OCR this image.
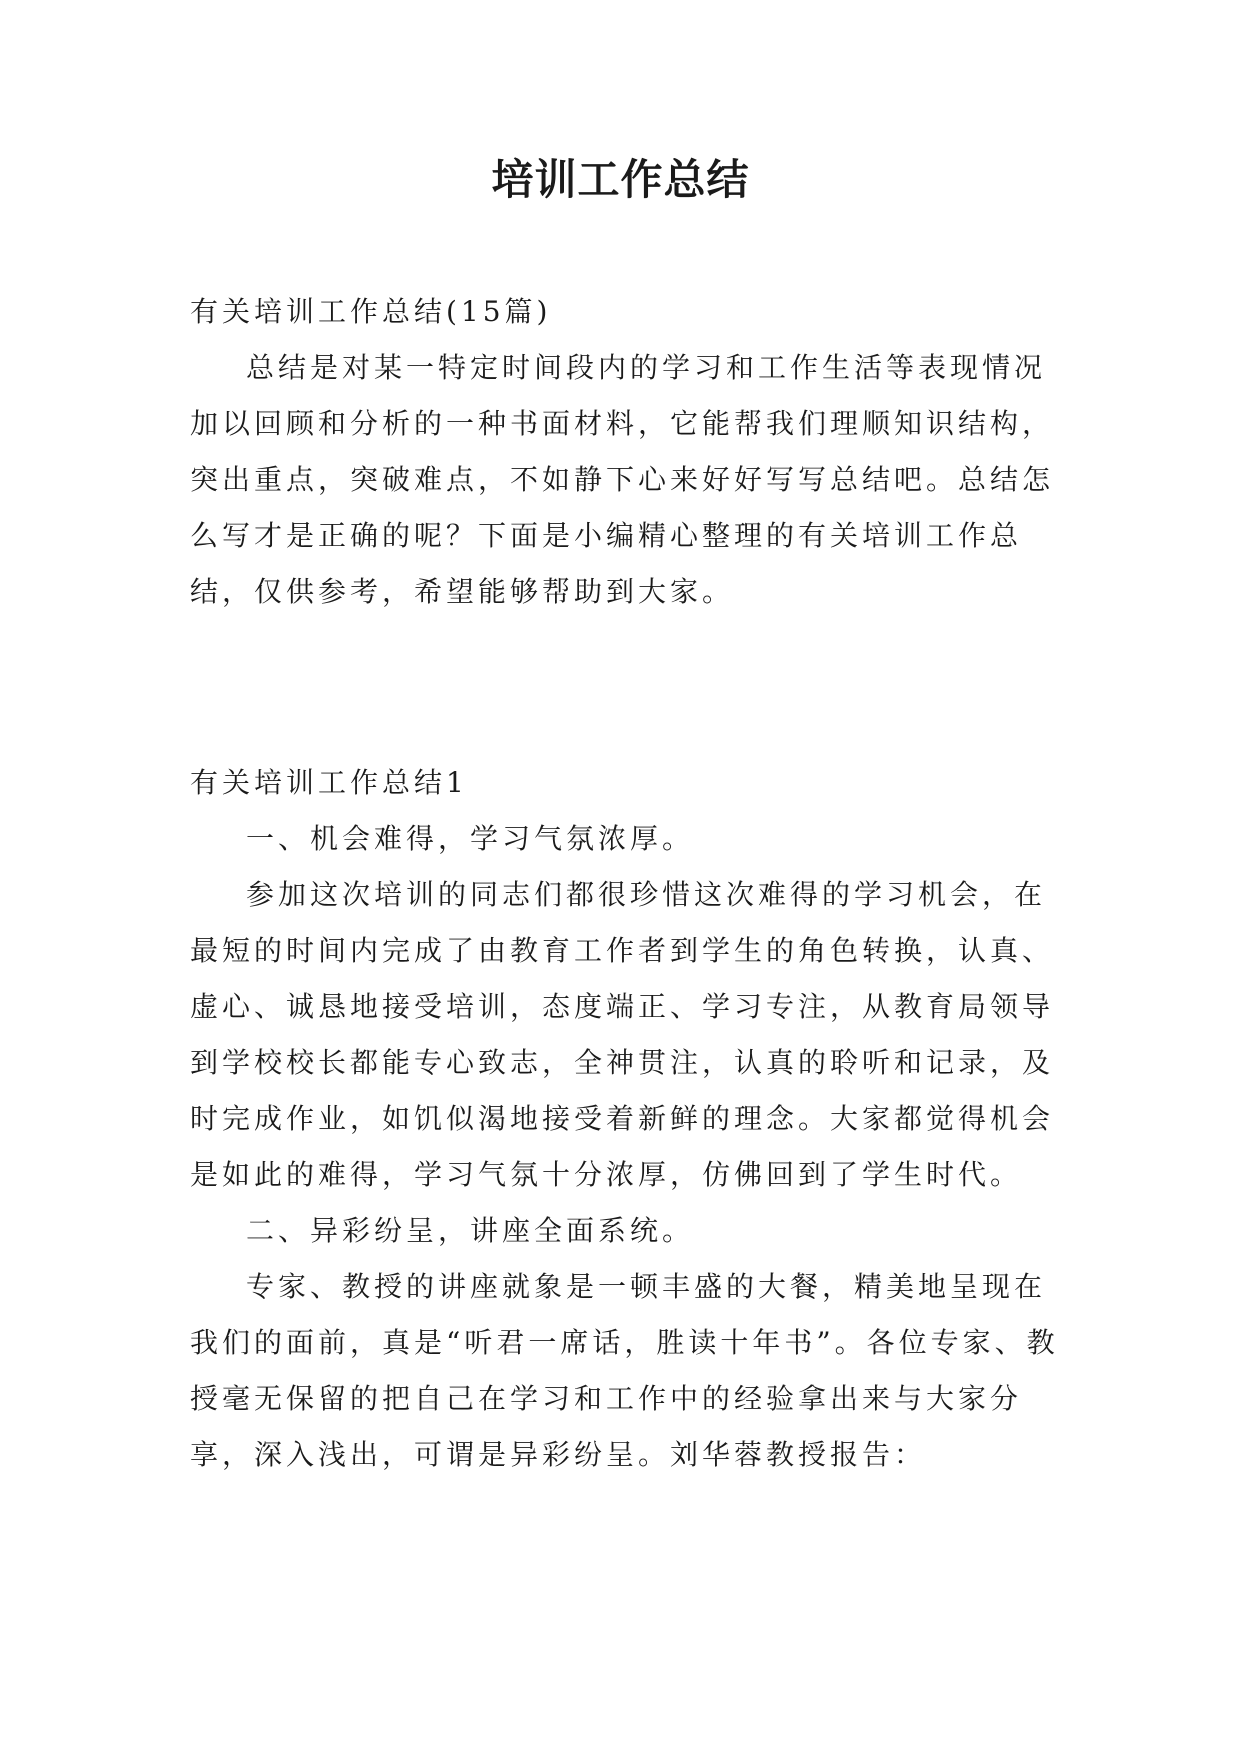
培训工作总结

有关培训工作总结(15篇)

总结是对某一特定时间段内的学习和工作生活等表现情况加以回顾和分析的一种书面材料，它能帮我们理顺知识结构，突出重点，突破难点，不如静下心来好好写写总结吧。总结怎么写才是正确的呢？下面是小编精心整理的有关培训工作总结，仅供参考，希望能够帮助到大家。

有关培训工作总结1

一、机会难得，学习气氛浓厚。

参加这次培训的同志们都很珍惜这次难得的学习机会，在最短的时间内完成了由教育工作者到学生的角色转换，认真、虚心、诚恳地接受培训，态度端正、学习专注，从教育局领导到学校校长都能专心致志，全神贯注，认真的聆听和记录，及时完成作业，如饥似渴地接受着新鲜的理念。大家都觉得机会是如此的难得，学习气氛十分浓厚，仿佛回到了学生时代。

二、异彩纷呈，讲座全面系统。

专家、教授的讲座就象是一顿丰盛的大餐，精美地呈现在我们的面前，真是“听君一席话，胜读十年书”。各位专家、教授毫无保留的把自己在学习和工作中的经验拿出来与大家分享，深入浅出，可谓是异彩纷呈。刘华蓉教授报告：
